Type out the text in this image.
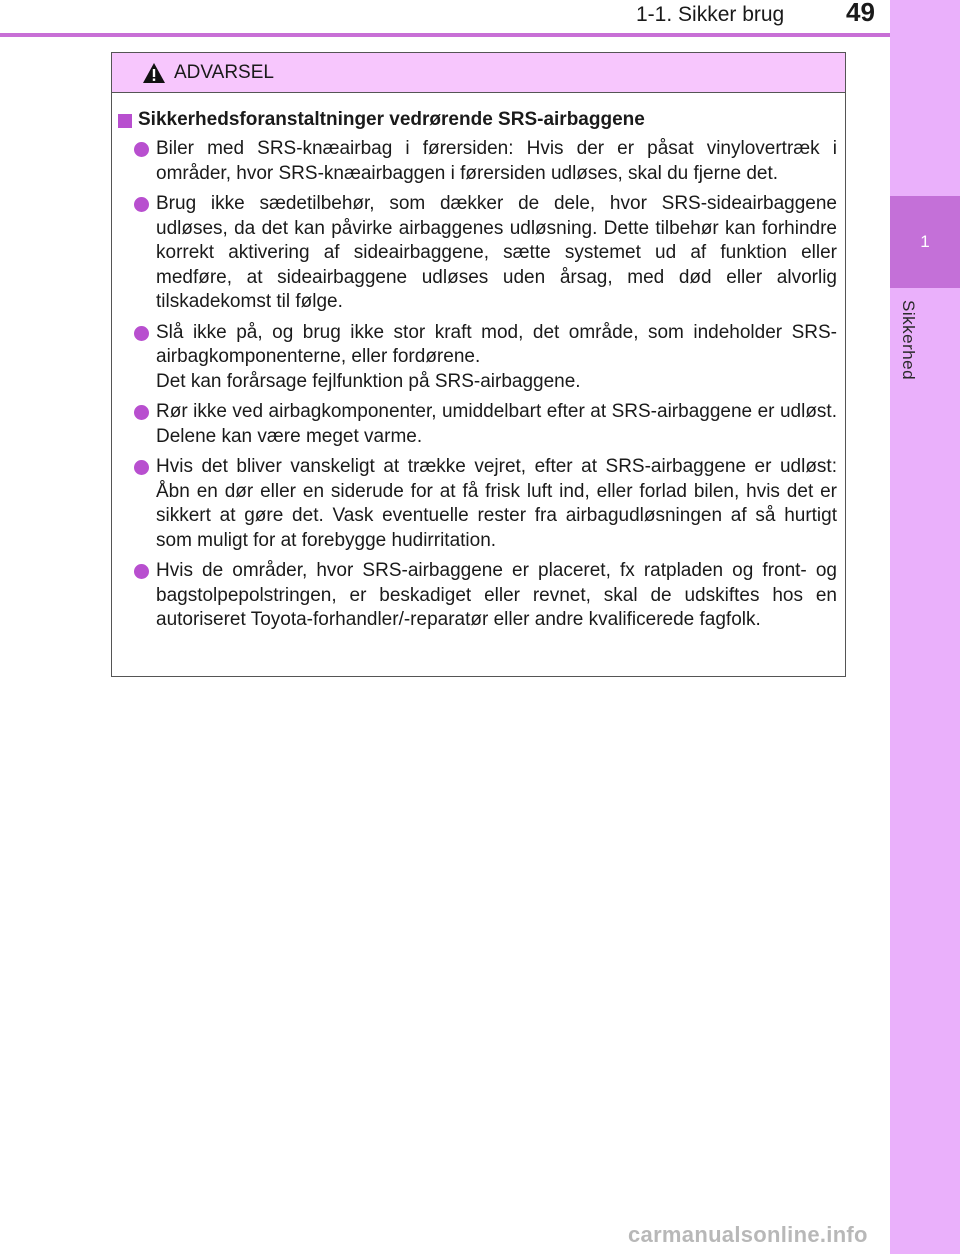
1-1. Sikker brug 49
1
Sikkerhed
ADVARSEL
Sikkerhedsforanstaltninger vedrørende SRS-airbaggene
Biler med SRS-knæairbag i førersiden: Hvis der er påsat vinylovertræk i områder, hvor SRS-knæairbaggen i førersiden udløses, skal du fjerne det.
Brug ikke sædetilbehør, som dækker de dele, hvor SRS-sideairbaggene udløses, da det kan påvirke airbaggenes udløsning. Dette tilbehør kan forhindre korrekt aktivering af sideairbaggene, sætte systemet ud af funktion eller medføre, at sideairbaggene udløses uden årsag, med død eller alvorlig tilskadekomst til følge.
Slå ikke på, og brug ikke stor kraft mod, det område, som indeholder SRS-airbagkomponenterne, eller fordørene.
Det kan forårsage fejlfunktion på SRS-airbaggene.
Rør ikke ved airbagkomponenter, umiddelbart efter at SRS-airbaggene er udløst. Delene kan være meget varme.
Hvis det bliver vanskeligt at trække vejret, efter at SRS-airbaggene er udløst: Åbn en dør eller en siderude for at få frisk luft ind, eller forlad bilen, hvis det er sikkert at gøre det. Vask eventuelle rester fra airbagudløsningen af så hurtigt som muligt for at forebygge hudirritation.
Hvis de områder, hvor SRS-airbaggene er placeret, fx ratpladen og front- og bagstolpepolstringen, er beskadiget eller revnet, skal de udskiftes hos en autoriseret Toyota-forhandler/-reparatør eller andre kvalificerede fagfolk.
carmanualsonline.info
